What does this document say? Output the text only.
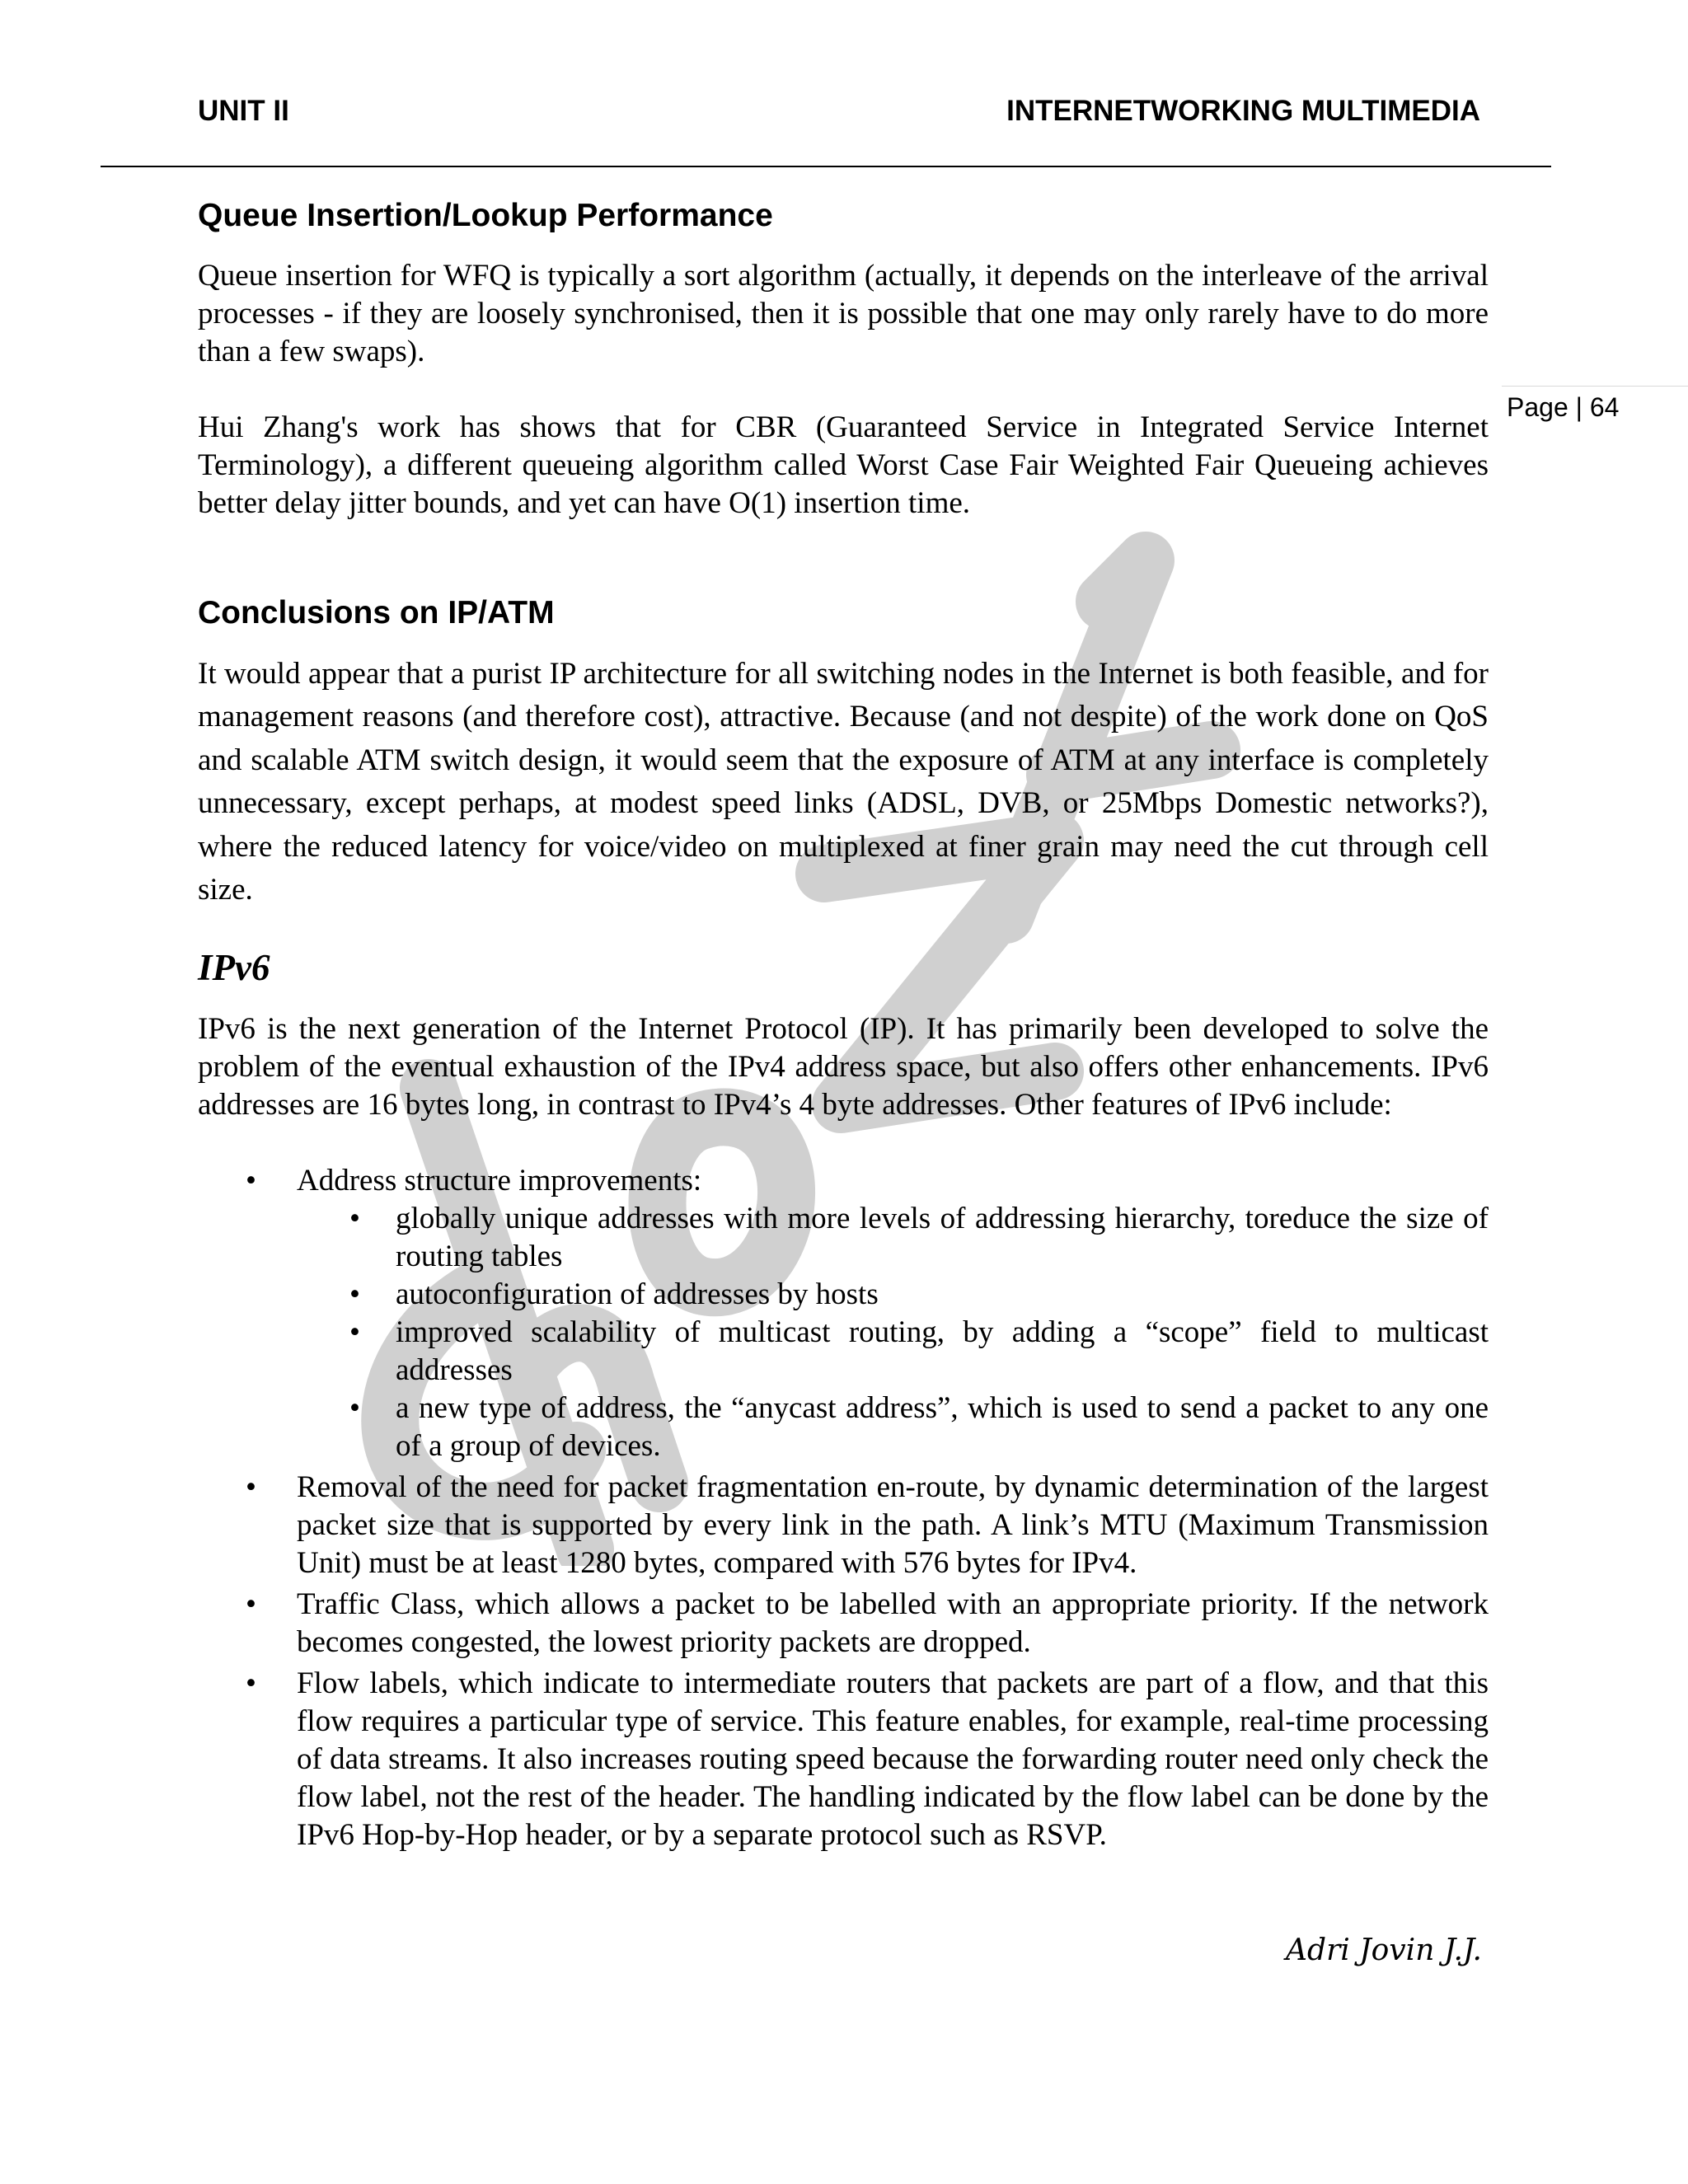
UNIT II	INTERNETWORKING MULTIMEDIA
Page | 64
Queue Insertion/Lookup Performance

Queue insertion for WFQ is typically a sort algorithm (actually, it depends on the interleave of the arrival processes - if they are loosely synchronised, then it is possible that one may only rarely have to do more than a few swaps).

Hui Zhang's work has shows that for CBR (Guaranteed Service in Integrated Service Internet Terminology), a different queueing algorithm called Worst Case Fair Weighted Fair Queueing achieves better delay jitter bounds, and yet can have O(1) insertion time.

Conclusions on IP/ATM

It would appear that a purist IP architecture for all switching nodes in the Internet is both feasible, and for management reasons (and therefore cost), attractive. Because (and not despite) of the work done on QoS and scalable ATM switch design, it would seem that the exposure of ATM at any interface is completely unnecessary, except perhaps, at modest speed links (ADSL, DVB, or 25Mbps Domestic networks?), where the reduced latency for voice/video on multiplexed at finer grain may need the cut through cell size.

IPv6

IPv6 is the next generation of the Internet Protocol (IP). It has primarily been developed to solve the problem of the eventual exhaustion of the IPv4 address space, but also offers other enhancements. IPv6 addresses are 16 bytes long, in contrast to IPv4’s 4 byte addresses. Other features of IPv6 include:

• Address structure improvements:
• globally unique addresses with more levels of addressing hierarchy, toreduce the size of routing tables
• autoconfiguration of addresses by hosts
• improved scalability of multicast routing, by adding a “scope” field to multicast addresses
• a new type of address, the “anycast address”, which is used to send a packet to any one of a group of devices.
• Removal of the need for packet fragmentation en-route, by dynamic determination of the largest packet size that is supported by every link in the path. A link’s MTU (Maximum Transmission Unit) must be at least 1280 bytes, compared with 576 bytes for IPv4.
• Traffic Class, which allows a packet to be labelled with an appropriate priority. If the network becomes congested, the lowest priority packets are dropped.
• Flow labels, which indicate to intermediate routers that packets are part of a flow, and that this flow requires a particular type of service. This feature enables, for example, real-time processing of data streams. It also increases routing speed because the forwarding router need only check the flow label, not the rest of the header. The handling indicated by the flow label can be done by the IPv6 Hop-by-Hop header, or by a separate protocol such as RSVP.
Adri Jovin J.J.
